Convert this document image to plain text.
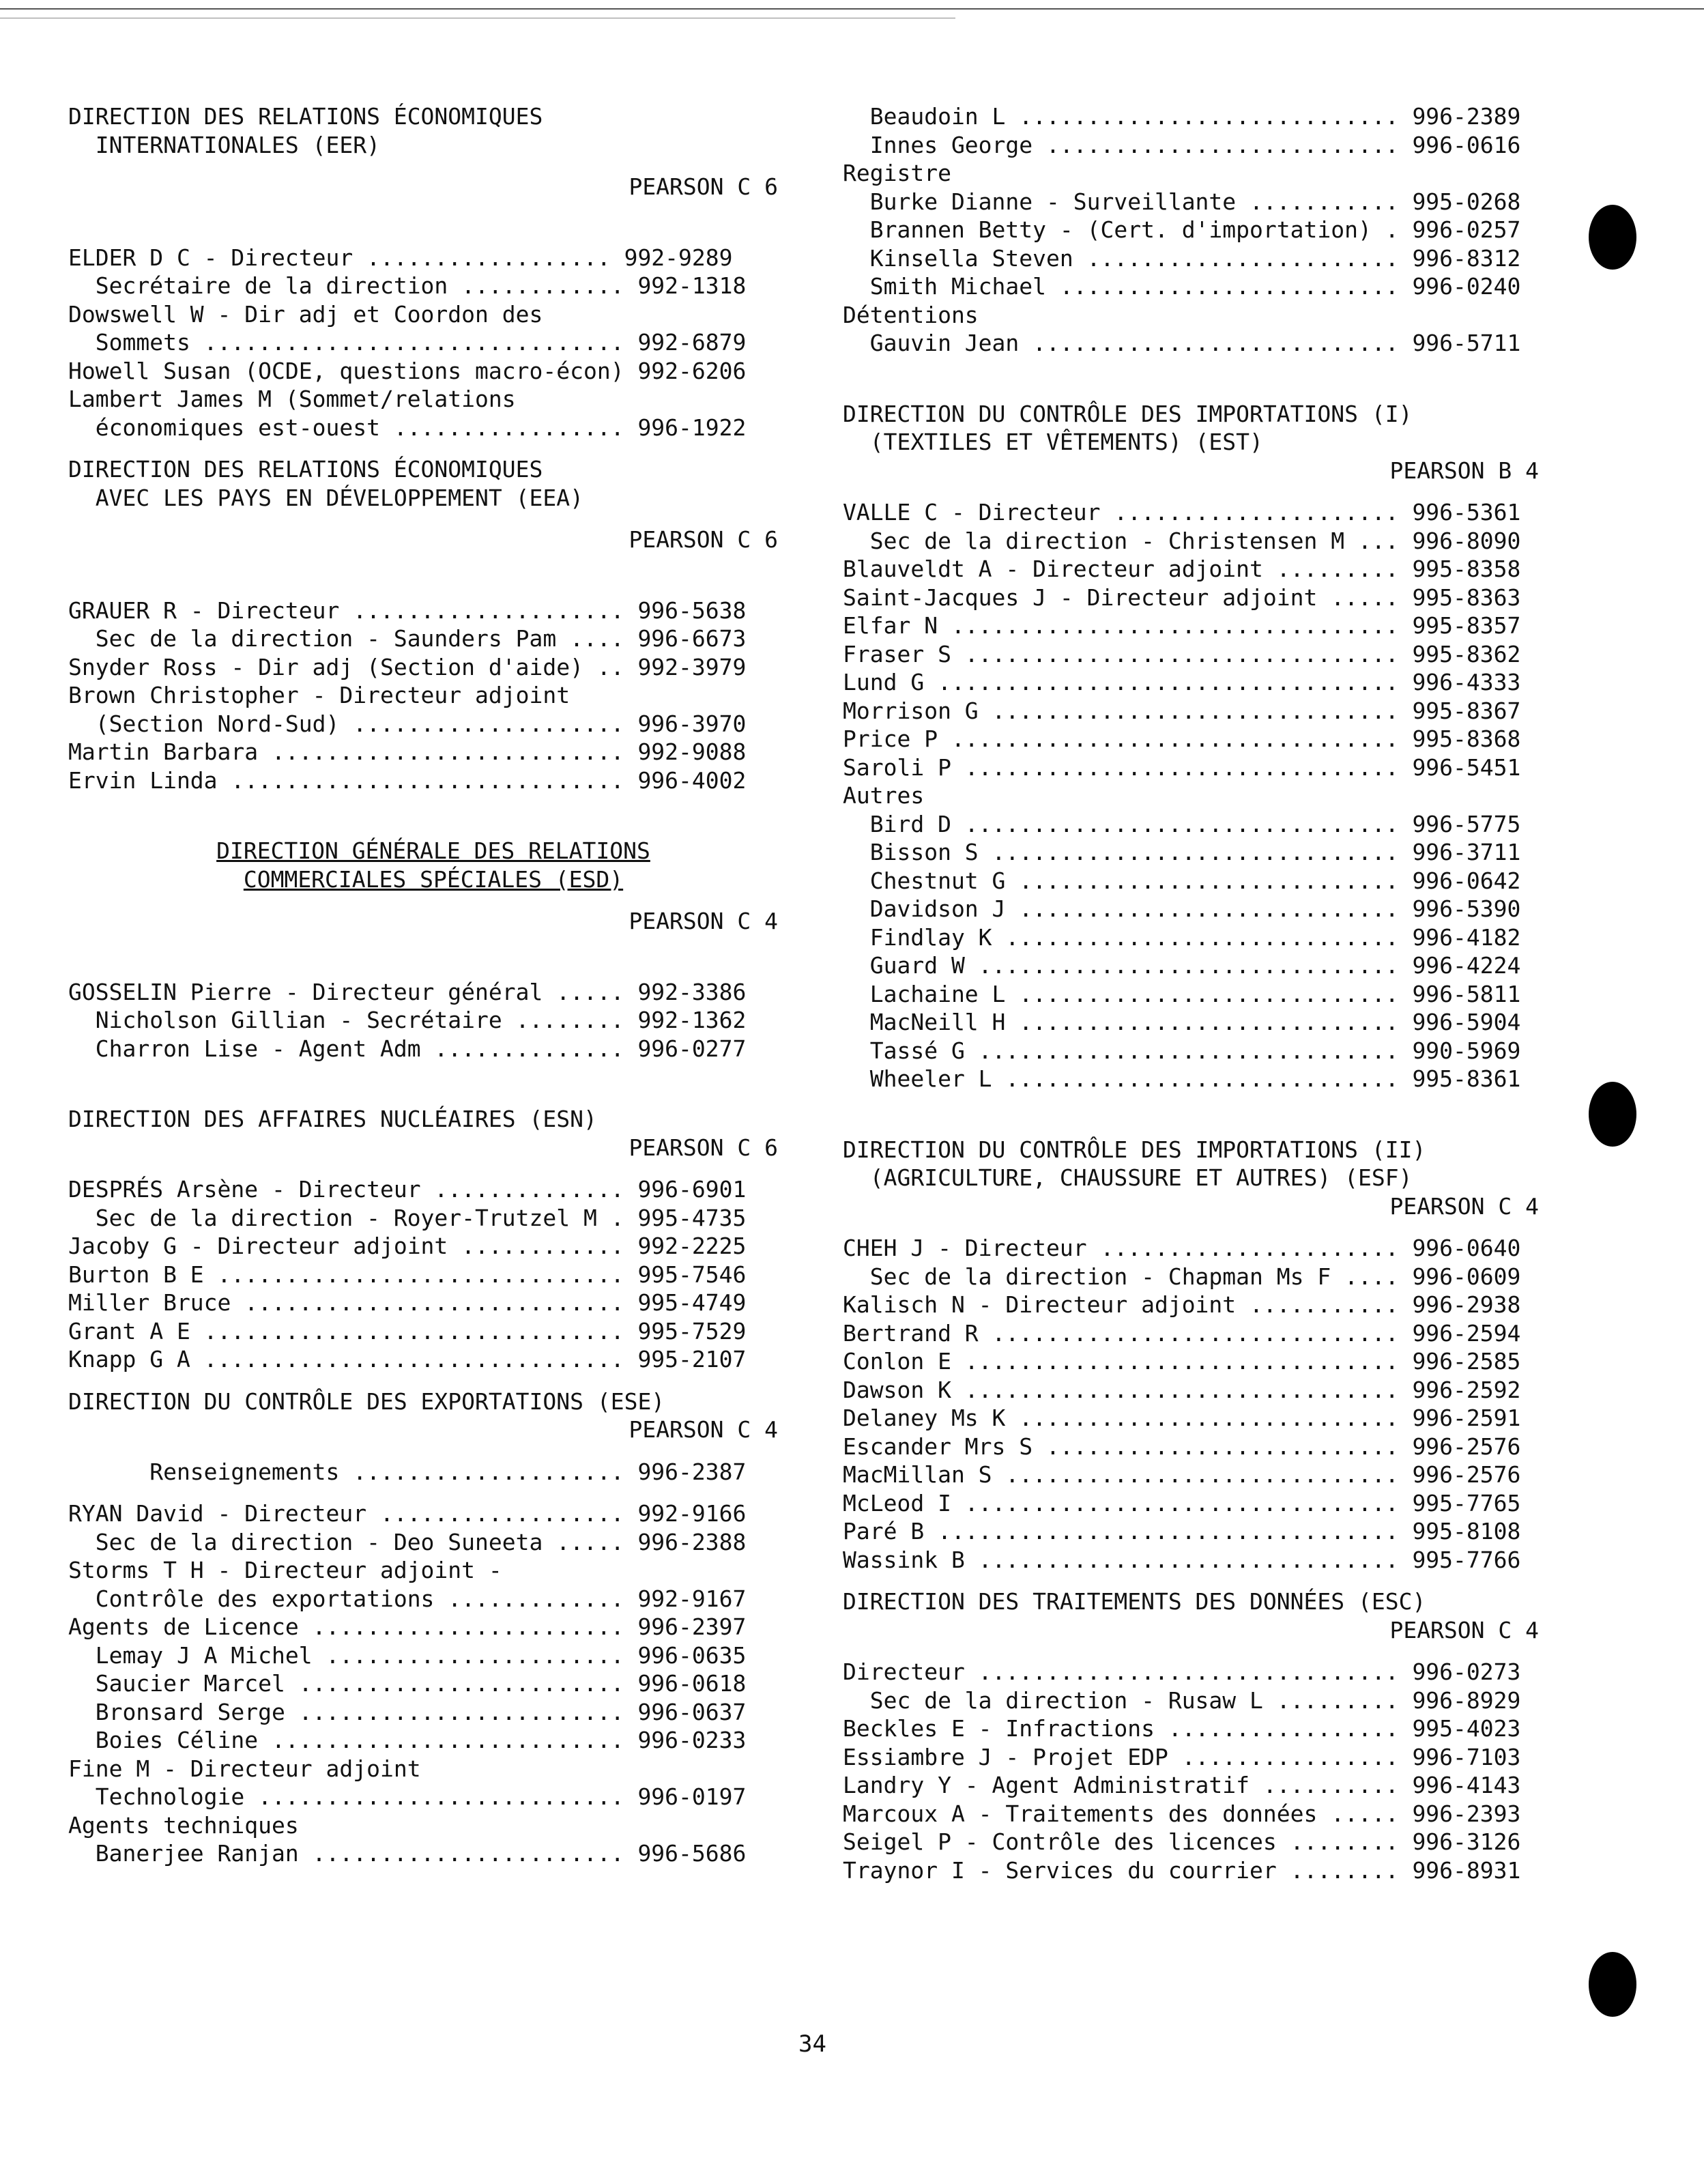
DIRECTION DES RELATIONS ÉCONOMIQUES
INTERNATIONALES (EER)
PEARSON C 6
ELDER D C - Directeur .................. 992-9289
Secrétaire de la direction ............ 992-1318
Dowswell W - Dir adj et Coordon des
Sommets ............................... 992-6879
Howell Susan (OCDE, questions macro-écon) 992-6206
Lambert James M (Sommet/relations
économiques est-ouest ................. 996-1922
DIRECTION DES RELATIONS ÉCONOMIQUES
AVEC LES PAYS EN DÉVELOPPEMENT (EEA)
PEARSON C 6
GRAUER R - Directeur .................... 996-5638
Sec de la direction - Saunders Pam .... 996-6673
Snyder Ross - Dir adj (Section d'aide) .. 992-3979
Brown Christopher - Directeur adjoint
(Section Nord-Sud) .................... 996-3970
Martin Barbara .......................... 992-9088
Ervin Linda ............................. 996-4002
DIRECTION GÉNÉRALE DES RELATIONS
COMMERCIALES SPÉCIALES (ESD)
PEARSON C 4
GOSSELIN Pierre - Directeur général ..... 992-3386
Nicholson Gillian - Secrétaire ........ 992-1362
Charron Lise - Agent Adm .............. 996-0277
DIRECTION DES AFFAIRES NUCLÉAIRES (ESN)
PEARSON C 6
DESPRÉS Arsène - Directeur .............. 996-6901
Sec de la direction - Royer-Trutzel M . 995-4735
Jacoby G - Directeur adjoint ............ 992-2225
Burton B E .............................. 995-7546
Miller Bruce ............................ 995-4749
Grant A E ............................... 995-7529
Knapp G A ............................... 995-2107
DIRECTION DU CONTRÔLE DES EXPORTATIONS (ESE)
PEARSON C 4
Renseignements .................... 996-2387
RYAN David - Directeur .................. 992-9166
Sec de la direction - Deo Suneeta ..... 996-2388
Storms T H - Directeur adjoint -
Contrôle des exportations ............. 992-9167
Agents de Licence ....................... 996-2397
Lemay J A Michel ...................... 996-0635
Saucier Marcel ........................ 996-0618
Bronsard Serge ........................ 996-0637
Boies Céline .......................... 996-0233
Fine M - Directeur adjoint
Technologie ........................... 996-0197
Agents techniques
Banerjee Ranjan ....................... 996-5686
Beaudoin L ............................ 996-2389
Innes George .......................... 996-0616
Registre
Burke Dianne - Surveillante ........... 995-0268
Brannen Betty - (Cert. d'importation) . 996-0257
Kinsella Steven ....................... 996-8312
Smith Michael ......................... 996-0240
Détentions
Gauvin Jean ........................... 996-5711
DIRECTION DU CONTRÔLE DES IMPORTATIONS (I)
(TEXTILES ET VÊTEMENTS) (EST)
PEARSON B 4
VALLE C - Directeur ..................... 996-5361
Sec de la direction - Christensen M ... 996-8090
Blauveldt A - Directeur adjoint ......... 995-8358
Saint-Jacques J - Directeur adjoint ..... 995-8363
Elfar N ................................. 995-8357
Fraser S ................................ 995-8362
Lund G .................................. 996-4333
Morrison G .............................. 995-8367
Price P ................................. 995-8368
Saroli P ................................ 996-5451
Autres
Bird D ................................ 996-5775
Bisson S .............................. 996-3711
Chestnut G ............................ 996-0642
Davidson J ............................ 996-5390
Findlay K ............................. 996-4182
Guard W ............................... 996-4224
Lachaine L ............................ 996-5811
MacNeill H ............................ 996-5904
Tassé G ............................... 990-5969
Wheeler L ............................. 995-8361
DIRECTION DU CONTRÔLE DES IMPORTATIONS (II)
(AGRICULTURE, CHAUSSURE ET AUTRES) (ESF)
PEARSON C 4
CHEH J - Directeur ...................... 996-0640
Sec de la direction - Chapman Ms F .... 996-0609
Kalisch N - Directeur adjoint ........... 996-2938
Bertrand R .............................. 996-2594
Conlon E ................................ 996-2585
Dawson K ................................ 996-2592
Delaney Ms K ............................ 996-2591
Escander Mrs S .......................... 996-2576
MacMillan S ............................. 996-2576
McLeod I ................................ 995-7765
Paré B .................................. 995-8108
Wassink B ............................... 995-7766
DIRECTION DES TRAITEMENTS DES DONNÉES (ESC)
PEARSON C 4
Directeur ............................... 996-0273
Sec de la direction - Rusaw L ......... 996-8929
Beckles E - Infractions ................. 995-4023
Essiambre J - Projet EDP ................ 996-7103
Landry Y - Agent Administratif .......... 996-4143
Marcoux A - Traitements des données ..... 996-2393
Seigel P - Contrôle des licences ........ 996-3126
Traynor I - Services du courrier ........ 996-8931
34
